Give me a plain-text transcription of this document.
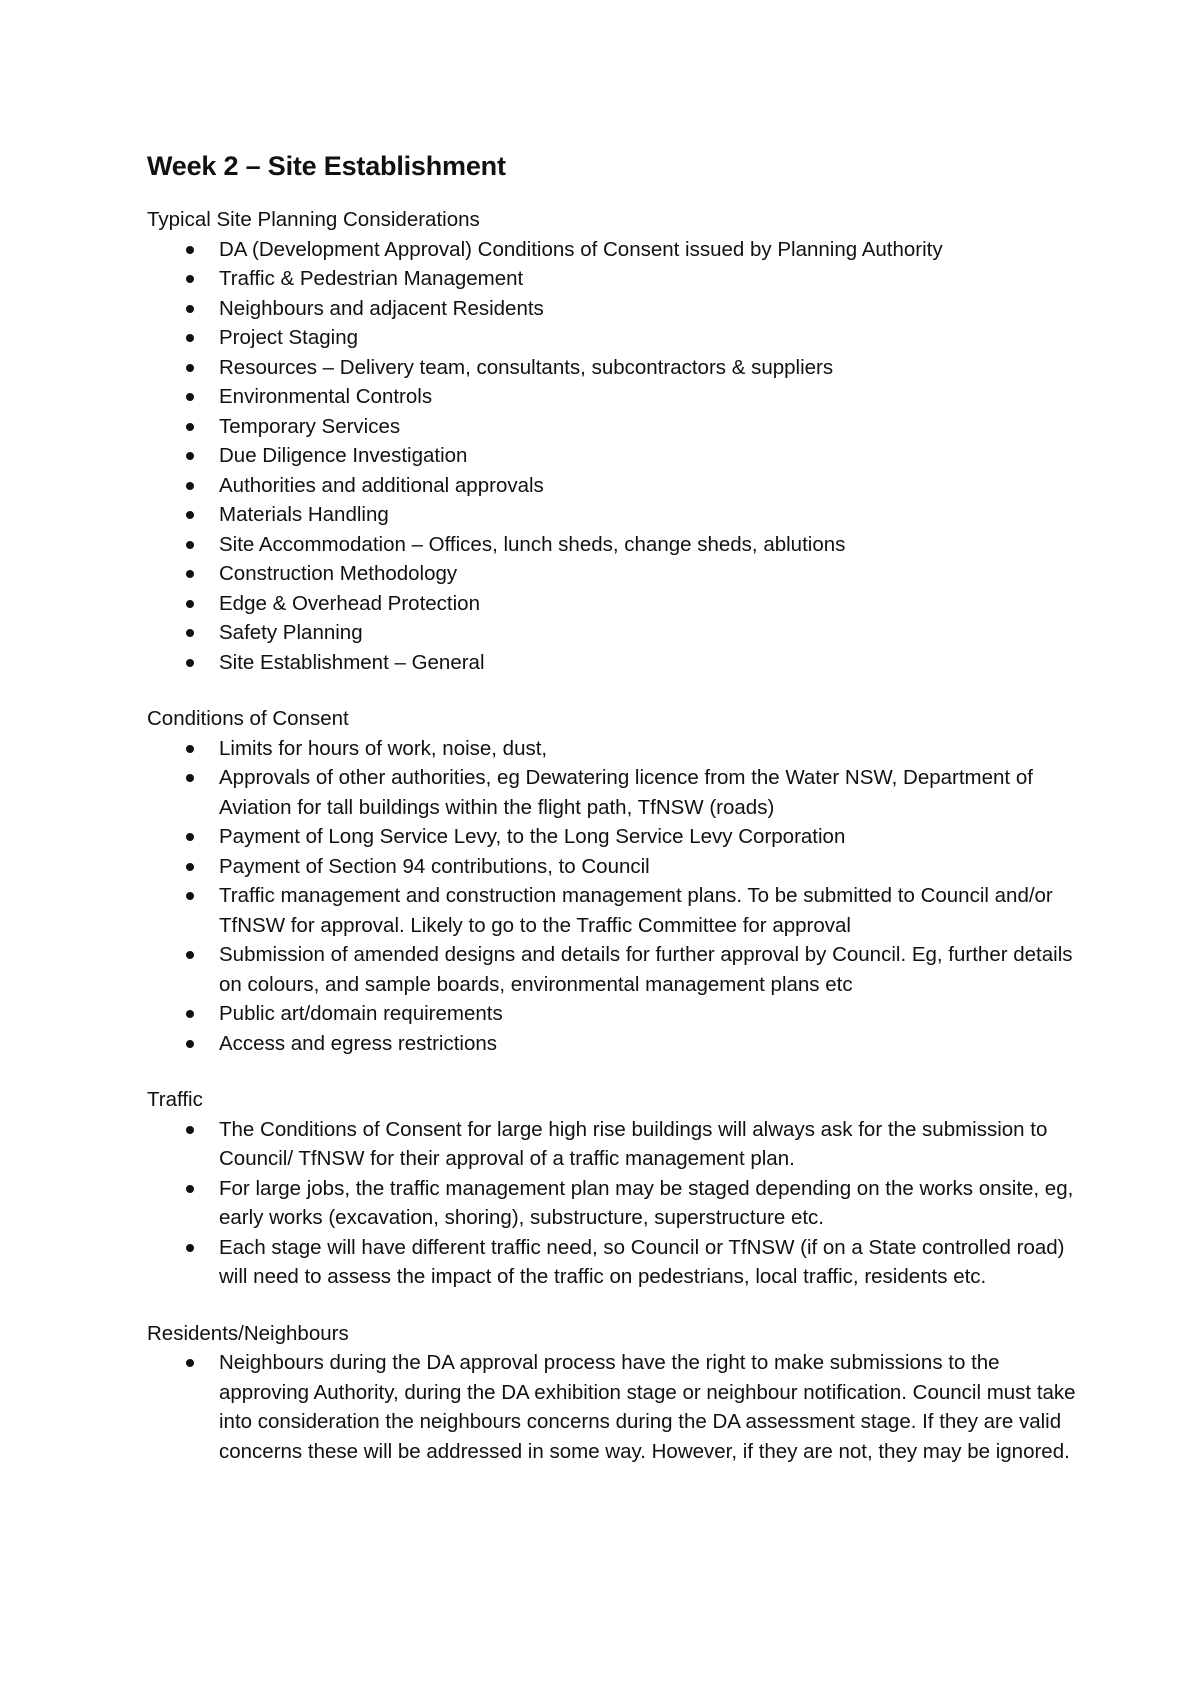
Week 2 – Site Establishment
Typical Site Planning Considerations
DA (Development Approval) Conditions of Consent issued by Planning Authority
Traffic & Pedestrian Management
Neighbours and adjacent Residents
Project Staging
Resources – Delivery team, consultants, subcontractors & suppliers
Environmental Controls
Temporary Services
Due Diligence Investigation
Authorities and additional approvals
Materials Handling
Site Accommodation – Offices, lunch sheds, change sheds, ablutions
Construction Methodology
Edge & Overhead Protection
Safety Planning
Site Establishment – General
Conditions of Consent
Limits for hours of work, noise, dust,
Approvals of other authorities, eg Dewatering licence from the Water NSW, Department of Aviation for tall buildings within the flight path, TfNSW (roads)
Payment of Long Service Levy, to the Long Service Levy Corporation
Payment of Section 94 contributions, to Council
Traffic management and construction management plans. To be submitted to Council and/or TfNSW for approval. Likely to go to the Traffic Committee for approval
Submission of amended designs and details for further approval by Council. Eg, further details on colours, and sample boards, environmental management plans etc
Public art/domain requirements
Access and egress restrictions
Traffic
The Conditions of Consent for large high rise buildings will always ask for the submission to Council/ TfNSW for their approval of a traffic management plan.
For large jobs, the traffic management plan may be staged depending on the works onsite, eg, early works (excavation, shoring), substructure, superstructure etc.
Each stage will have different traffic need, so Council or TfNSW (if on a State controlled road) will need to assess the impact of the traffic on pedestrians, local traffic, residents etc.
Residents/Neighbours
Neighbours during the DA approval process have the right to make submissions to the approving Authority, during the DA exhibition stage or neighbour notification. Council must take into consideration the neighbours concerns during the DA assessment stage. If they are valid concerns these will be addressed in some way. However, if they are not, they may be ignored.
